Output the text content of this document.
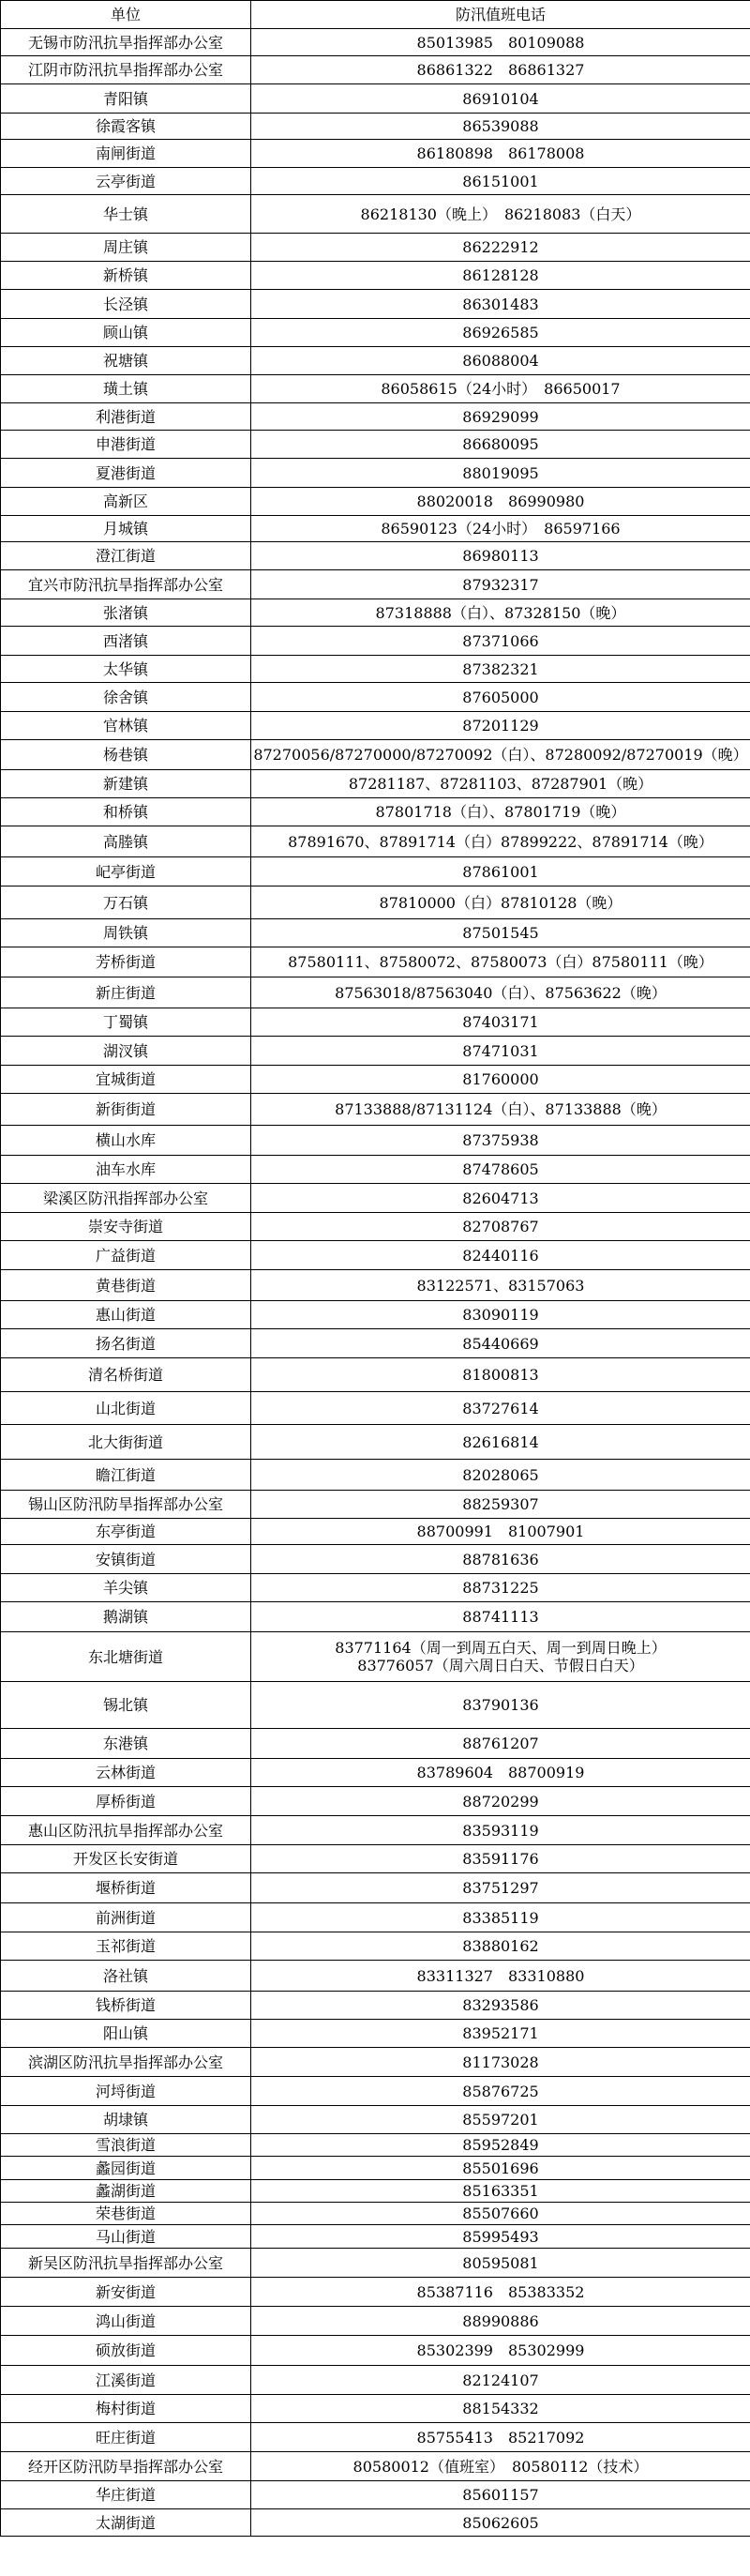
单位	防汛值班电话
无锡市防汛抗旱指挥部办公室	85013985　80109088
江阴市防汛抗旱指挥部办公室	86861322　86861327
青阳镇	86910104
徐霞客镇	86539088
南闸街道	86180898　86178008
云亭街道	86151001
华士镇	86218130（晚上）　86218083（白天）
周庄镇	86222912
新桥镇	86128128
长泾镇	86301483
顾山镇	86926585
祝塘镇	86088004
璜土镇	86058615（24小时）　86650017
利港街道	86929099
申港街道	86680095
夏港街道	88019095
高新区	88020018　86990980
月城镇	86590123（24小时）　86597166
澄江街道	86980113
宜兴市防汛抗旱指挥部办公室	87932317
张渚镇	87318888（白）、87328150（晚）
西渚镇	87371066
太华镇	87382321
徐舍镇	87605000
官林镇	87201129
杨巷镇	87270056/87270000/87270092（白）、87280092/87270019（晚）
新建镇	87281187、87281103、87287901（晚）
和桥镇	87801718（白）、87801719（晚）
高塍镇	87891670、87891714（白）87899222、87891714（晚）
屺亭街道	87861001
万石镇	87810000（白）87810128（晚）
周铁镇	87501545
芳桥街道	87580111、87580072、87580073（白）87580111（晚）
新庄街道	87563018/87563040（白）、87563622（晚）
丁蜀镇	87403171
湖汊镇	87471031
宜城街道	81760000
新街街道	87133888/87131124（白）、87133888（晚）
横山水库	87375938
油车水库	87478605
梁溪区防汛指挥部办公室	82604713
崇安寺街道	82708767
广益街道	82440116
黄巷街道	83122571、83157063
惠山街道	83090119
扬名街道	85440669
清名桥街道	81800813
山北街道	83727614
北大街街道	82616814
瞻江街道	82028065
锡山区防汛防旱指挥部办公室	88259307
东亭街道	88700991　81007901
安镇街道	88781636
羊尖镇	88731225
鹅湖镇	88741113
东北塘街道	83771164（周一到周五白天、周一到周日晚上）
83776057（周六周日白天、节假日白天）
锡北镇	83790136
东港镇	88761207
云林街道	83789604　88700919
厚桥街道	88720299
惠山区防汛抗旱指挥部办公室	83593119
开发区长安街道	83591176
堰桥街道	83751297
前洲街道	83385119
玉祁街道	83880162
洛社镇	83311327　83310880
钱桥街道	83293586
阳山镇	83952171
滨湖区防汛抗旱指挥部办公室	81173028
河埒街道	85876725
胡埭镇	85597201
雪浪街道	85952849
蠡园街道	85501696
蠡湖街道	85163351
荣巷街道	85507660
马山街道	85995493
新吴区防汛抗旱指挥部办公室	80595081
新安街道	85387116　85383352
鸿山街道	88990886
硕放街道	85302399　85302999
江溪街道	82124107
梅村街道	88154332
旺庄街道	85755413　85217092
经开区防汛防旱指挥部办公室	80580012（值班室）　80580112（技术）
华庄街道	85601157
太湖街道	85062605
